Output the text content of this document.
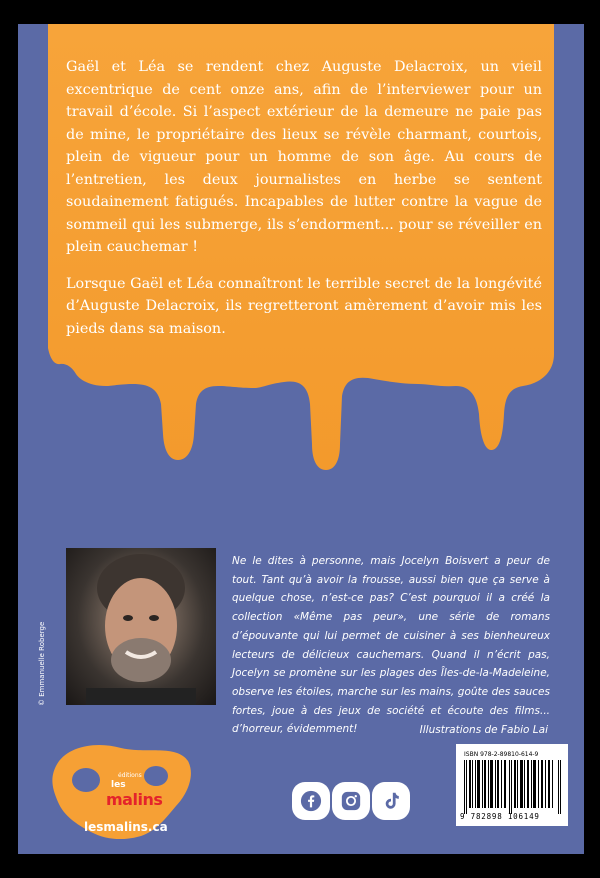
Gaël et Léa se rendent chez Auguste Delacroix, un vieil excentrique de cent onze ans, afin de l’interviewer pour un travail d’école. Si l’aspect extérieur de la demeure ne paie pas de mine, le propriétaire des lieux se révèle charmant, courtois, plein de vigueur pour un homme de son âge. Au cours de l’entretien, les deux journalistes en herbe se sentent soudainement fatigués. Incapables de lutter contre la vague de sommeil qui les submerge, ils s’endorment... pour se réveiller en plein cauchemar !

Lorsque Gaël et Léa connaîtront le terrible secret de la longévité d’Auguste Delacroix, ils regretteront amèrement d’avoir mis les pieds dans sa maison.

© Emmanuelle Roberge
Ne le dites à personne, mais Jocelyn Boisvert a peur de tout. Tant qu’à avoir la frousse, aussi bien que ça serve à quelque chose, n’est-ce pas? C’est pourquoi il a créé la collection «Même pas peur», une série de romans d’épouvante qui lui permet de cuisiner à ses bienheureux lecteurs de délicieux cauchemars. Quand il n’écrit pas, Jocelyn se promène sur les plages des Îles-de-la-Madeleine, observe les étoiles, marche sur les mains, goûte des sauces fortes, joue à des jeux de société et écoute des films... d’horreur, évidemment!	Illustrations de Fabio Lai
éditions
les
malins
lesmalins.ca
ISBN 978-2-89810-614-9
9 782898 106149
